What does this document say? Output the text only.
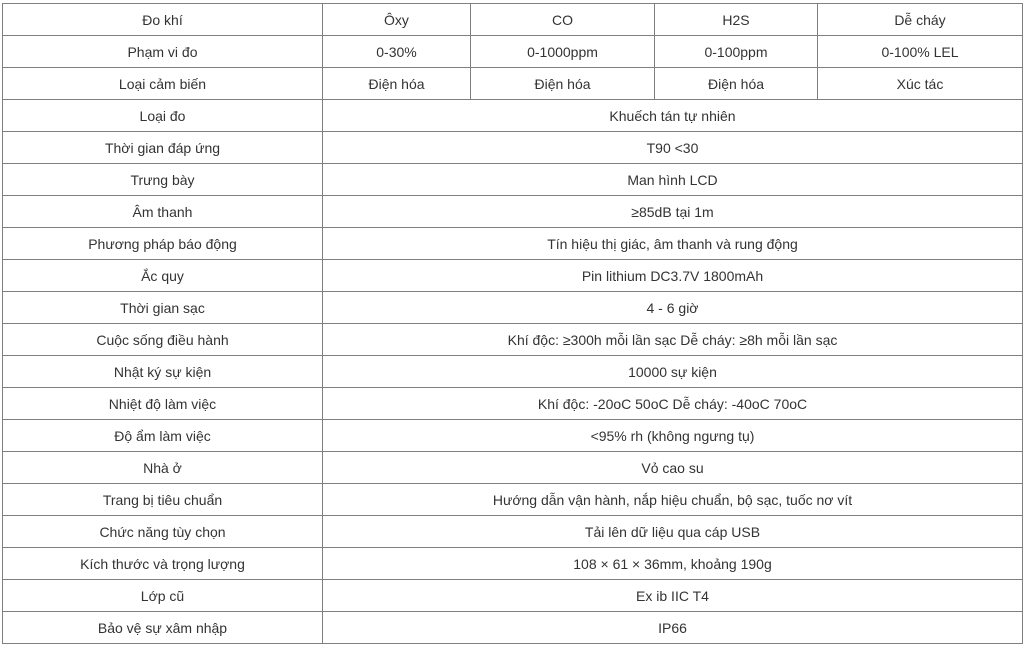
Đo khí	Ôxy	CO	H2S	Dễ cháy
Phạm vi đo	0-30%	0-1000ppm	0-100ppm	0-100% LEL
Loại cảm biến	Điện hóa	Điện hóa	Điện hóa	Xúc tác
Loại đo	Khuếch tán tự nhiên			
Thời gian đáp ứng	T90 <30			
Trưng bày	Man hình LCD			
Âm thanh	≥85dB tại 1m			
Phương pháp báo động	Tín hiệu thị giác, âm thanh và rung động			
Ắc quy	Pin lithium DC3.7V 1800mAh			
Thời gian sạc	4 - 6 giờ			
Cuộc sống điều hành	Khí độc: ≥300h mỗi lần sạc Dễ cháy: ≥8h mỗi lần sạc			
Nhật ký sự kiện	10000 sự kiện			
Nhiệt độ làm việc	Khí độc: -20oC 50oC Dễ cháy: -40oC 70oC			
Độ ẩm làm việc	<95% rh (không ngưng tụ)			
Nhà ở	Vỏ cao su			
Trang bị tiêu chuẩn	Hướng dẫn vận hành, nắp hiệu chuẩn, bộ sạc, tuốc nơ vít			
Chức năng tùy chọn	Tải lên dữ liệu qua cáp USB			
Kích thước và trọng lượng	108 × 61 × 36mm, khoảng 190g			
Lớp cũ	Ex ib IIC T4			
Bảo vệ sự xâm nhập	IP66			
